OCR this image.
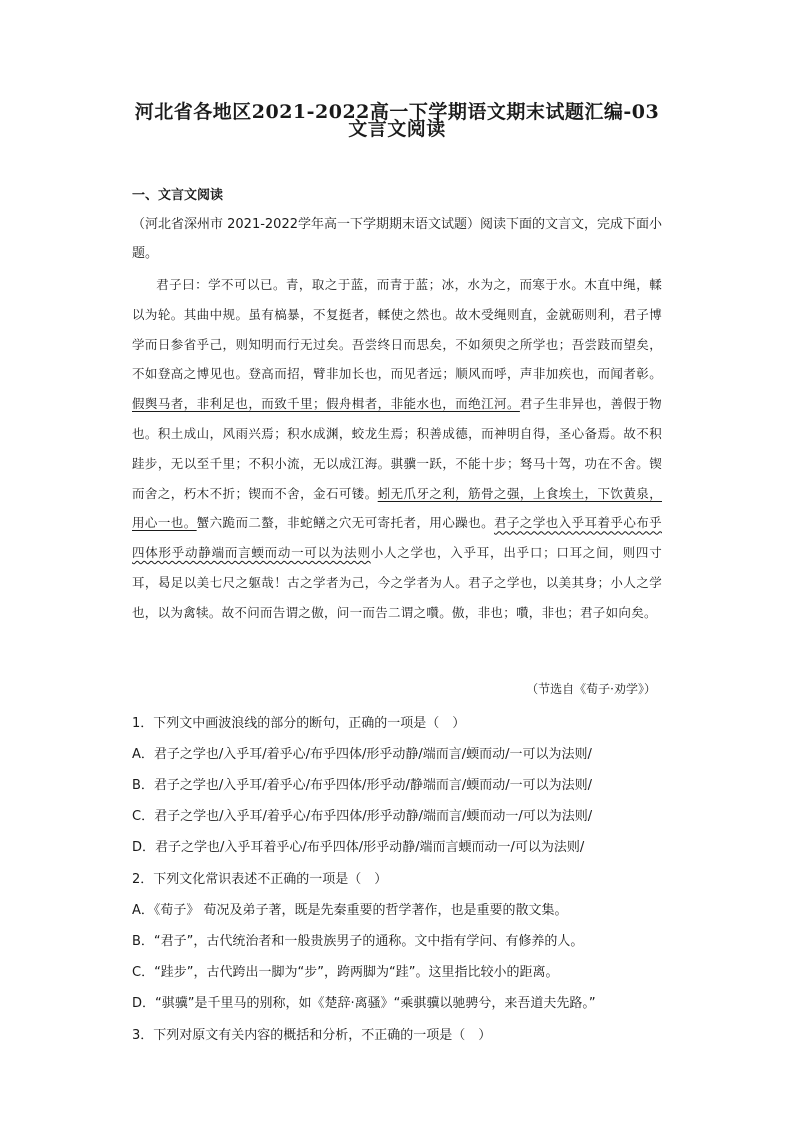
河北省各地区2021-2022高一下学期语文期末试题汇编-03
文言文阅读
一、文言文阅读
（河北省深州市 2021-2022学年高一下学期期末语文试题）阅读下面的文言文，完成下面小题。
君子曰：学不可以已。青，取之于蓝，而青于蓝；冰，水为之，而寒于水。木直中绳，輮以为轮。其曲中规。虽有槁暴，不复挺者，輮使之然也。故木受绳则直，金就砺则利，君子博学而日参省乎己，则知明而行无过矣。吾尝终日而思矣，不如须臾之所学也；吾尝跂而望矣，不如登高之博见也。登高而招，臂非加长也，而见者远；顺风而呼，声非加疾也，而闻者彰。假舆马者，非利足也，而致千里；假舟楫者，非能水也，而绝江河。君子生非异也，善假于物也。积土成山，风雨兴焉；积水成渊，蛟龙生焉；积善成德，而神明自得，圣心备焉。故不积跬步，无以至千里；不积小流，无以成江海。骐骥一跃，不能十步；驽马十驾，功在不舍。锲而舍之，朽木不折；锲而不舍，金石可镂。蚓无爪牙之利，筋骨之强，上食埃土，下饮黄泉，用心一也。蟹六跪而二螯，非蛇鳝之穴无可寄托者，用心躁也。君子之学也入乎耳着乎心布乎四体形乎动静端而言蝡而动一可以为法则小人之学也，入乎耳，出乎口；口耳之间，则四寸耳，曷足以美七尺之躯哉！古之学者为己，今之学者为人。君子之学也，以美其身；小人之学也，以为禽犊。故不问而告谓之傲，问一而告二谓之囋。傲，非也；囋，非也；君子如向矣。
（节选自《荀子·劝学》）
1．下列文中画波浪线的部分的断句，正确的一项是（　）
A．君子之学也/入乎耳/着乎心/布乎四体/形乎动静/端而言/蝡而动/一可以为法则/
B．君子之学也/入乎耳/着乎心/布乎四体/形乎动/静端而言/蝡而动/一可以为法则/
C．君子之学也/入乎耳/着乎心/布乎四体/形乎动静/端而言/蝡而动一/可以为法则/
D．君子之学也/入乎耳着乎心/布乎四体/形乎动静/端而言蝡而动一/可以为法则/
2．下列文化常识表述不正确的一项是（　）
A．《荀子》 荀况及弟子著，既是先秦重要的哲学著作，也是重要的散文集。
B．“君子”，古代统治者和一般贵族男子的通称。文中指有学问、有修养的人。
C．“跬步”，古代跨出一脚为“步”，跨两脚为“跬”。这里指比较小的距离。
D．“骐骥”是千里马的别称，如《楚辞·离骚》“乘骐骥以驰骋兮，来吾道夫先路。”
3．下列对原文有关内容的概括和分析，不正确的一项是（　）
